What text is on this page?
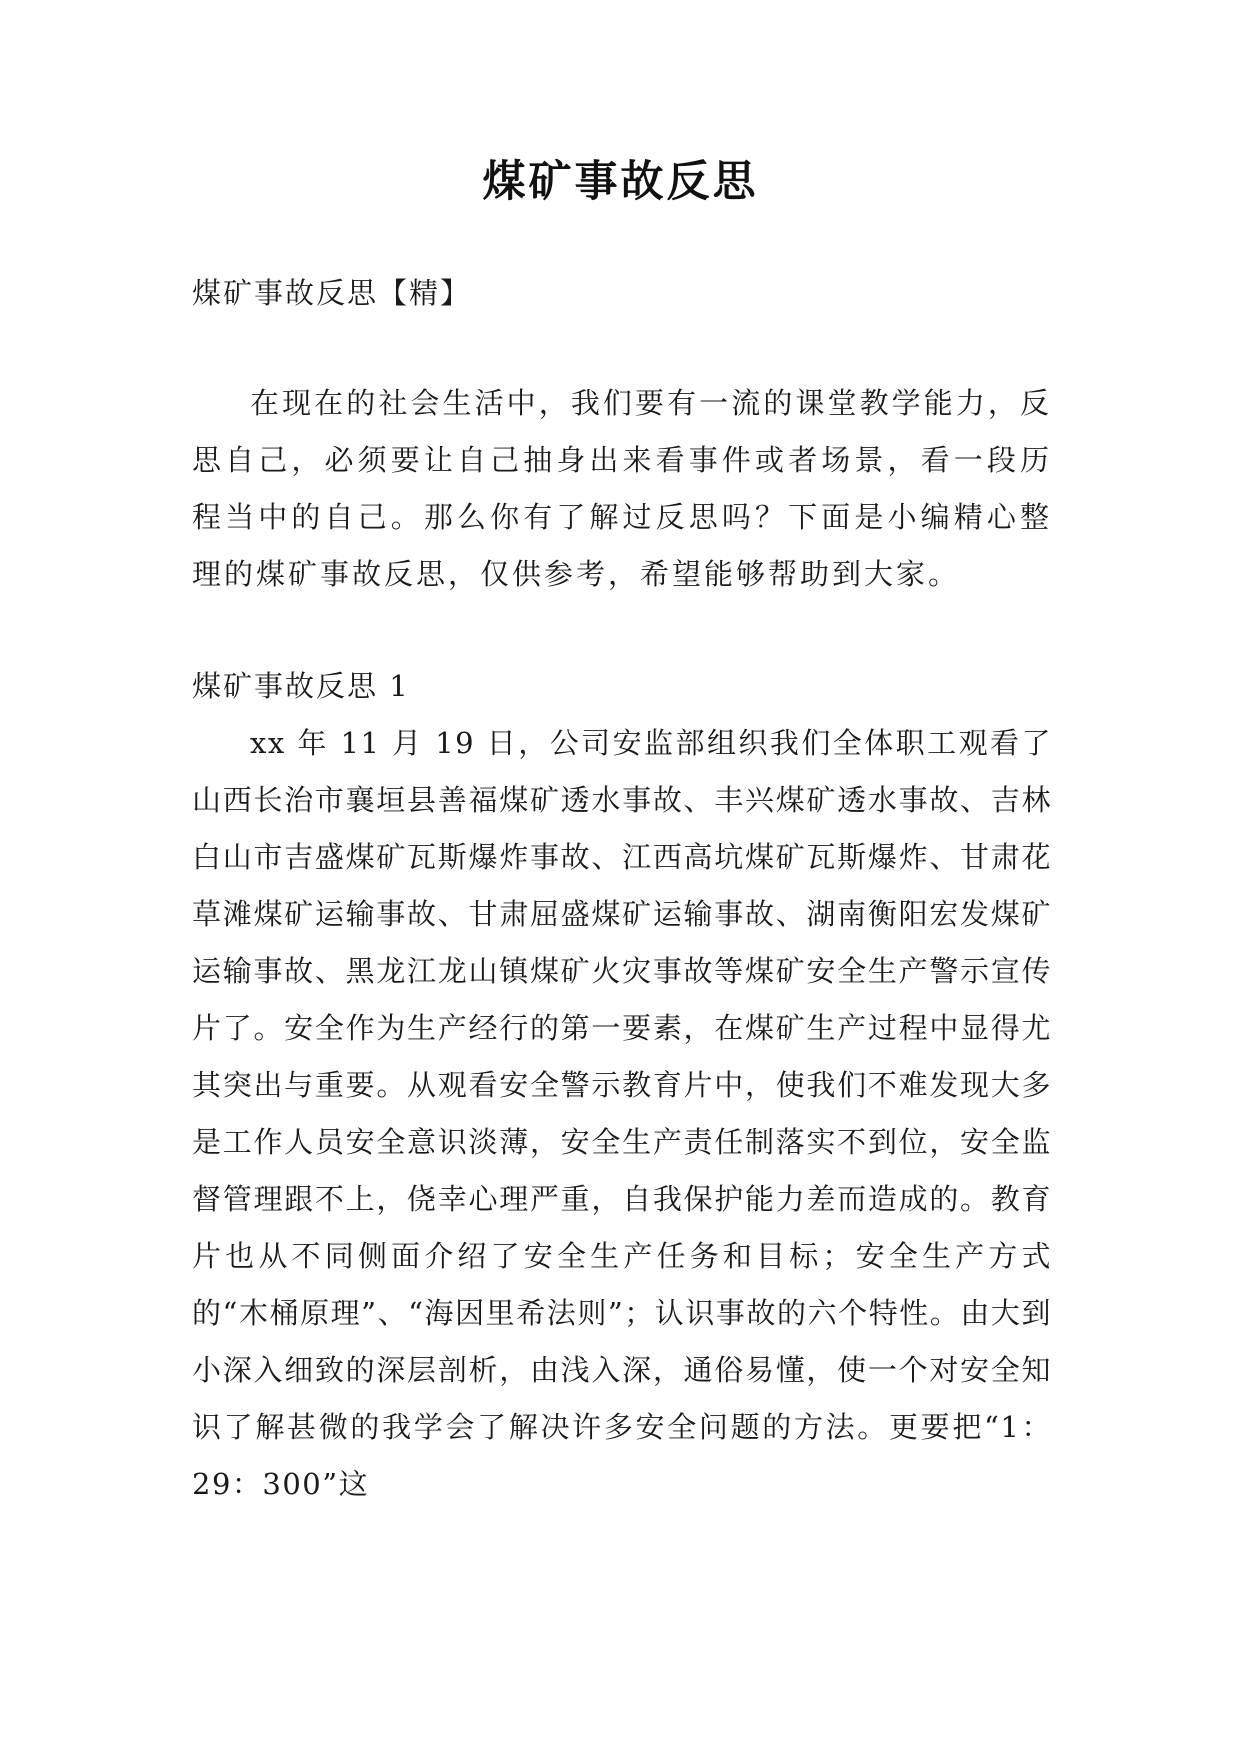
煤矿事故反思

煤矿事故反思【精】

在现在的社会生活中，我们要有一流的课堂教学能力，反思自己，必须要让自己抽身出来看事件或者场景，看一段历程当中的自己。那么你有了解过反思吗？下面是小编精心整理的煤矿事故反思，仅供参考，希望能够帮助到大家。

煤矿事故反思 1

xx 年 11 月 19 日，公司安监部组织我们全体职工观看了山西长治市襄垣县善福煤矿透水事故、丰兴煤矿透水事故、吉林白山市吉盛煤矿瓦斯爆炸事故、江西高坑煤矿瓦斯爆炸、甘肃花草滩煤矿运输事故、甘肃屈盛煤矿运输事故、湖南衡阳宏发煤矿运输事故、黑龙江龙山镇煤矿火灾事故等煤矿安全生产警示宣传片了。安全作为生产经行的第一要素，在煤矿生产过程中显得尤其突出与重要。从观看安全警示教育片中，使我们不难发现大多是工作人员安全意识淡薄，安全生产责任制落实不到位，安全监督管理跟不上，侥幸心理严重，自我保护能力差而造成的。教育片也从不同侧面介绍了安全生产任务和目标；安全生产方式的“木桶原理”、“海因里希法则”；认识事故的六个特性。由大到小深入细致的深层剖析，由浅入深，通俗易懂，使一个对安全知识了解甚微的我学会了解决许多安全问题的方法。更要把“1：29：300”这
